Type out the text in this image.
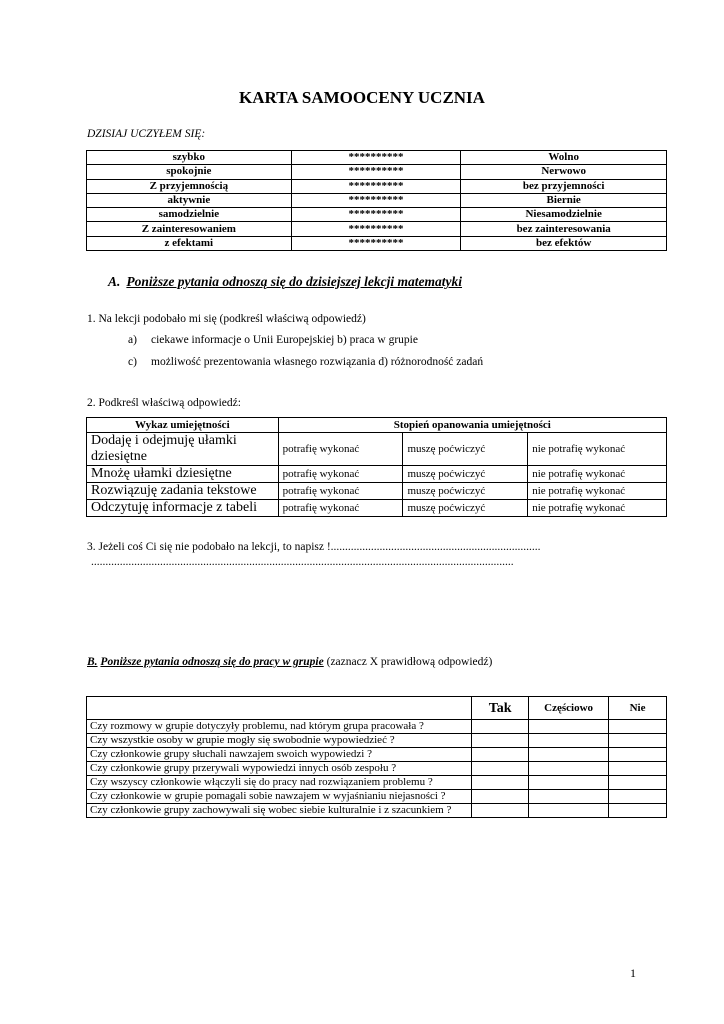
KARTA SAMOOCENY UCZNIA
DZISIAJ UCZYŁEM SIĘ:
szybko	**********	Wolno
spokojnie	**********	Nerwowo
Z przyjemnością	**********	bez przyjemności
aktywnie	**********	Biernie
samodzielnie	**********	Niesamodzielnie
Z zainteresowaniem	**********	bez zainteresowania
z efektami	**********	bez efektów
A. Poniższe pytania odnoszą się do dzisiejszej lekcji matematyki
1. Na lekcji podobało mi się (podkreśl właściwą odpowiedź)
a) ciekawe informacje o Unii Europejskiej b) praca w grupie
c) możliwość prezentowania własnego rozwiązania d) różnorodność zadań
2. Podkreśl właściwą odpowiedź:
Wykaz umiejętności	Stopień opanowania umiejętności		
Dodaję i odejmuję ułamki dziesiętne	potrafię wykonać	muszę poćwiczyć	nie potrafię wykonać
Mnożę ułamki dziesiętne	potrafię wykonać	muszę poćwiczyć	nie potrafię wykonać
Rozwiązuję zadania tekstowe	potrafię wykonać	muszę poćwiczyć	nie potrafię wykonać
Odczytuję informacje z tabeli	potrafię wykonać	muszę poćwiczyć	nie potrafię wykonać
3. Jeżeli coś Ci się nie podobało na lekcji, to napisz !.........................................................................
...................................................................................................................................................
B. Poniższe pytania odnoszą się do pracy w grupie (zaznacz X prawidłową odpowiedź)
	Tak	Częściowo	Nie
Czy rozmowy w grupie dotyczyły problemu, nad którym grupa pracowała ?			
Czy wszystkie osoby w grupie mogły się swobodnie wypowiedzieć ?			
Czy członkowie grupy słuchali nawzajem swoich wypowiedzi ?			
Czy członkowie grupy przerywali wypowiedzi innych osób zespołu ?			
Czy wszyscy członkowie włączyli się do pracy nad rozwiązaniem problemu ?			
Czy członkowie w grupie pomagali sobie nawzajem w wyjaśnianiu niejasności ?			
Czy członkowie grupy zachowywali się wobec siebie kulturalnie i z szacunkiem ?			
1
